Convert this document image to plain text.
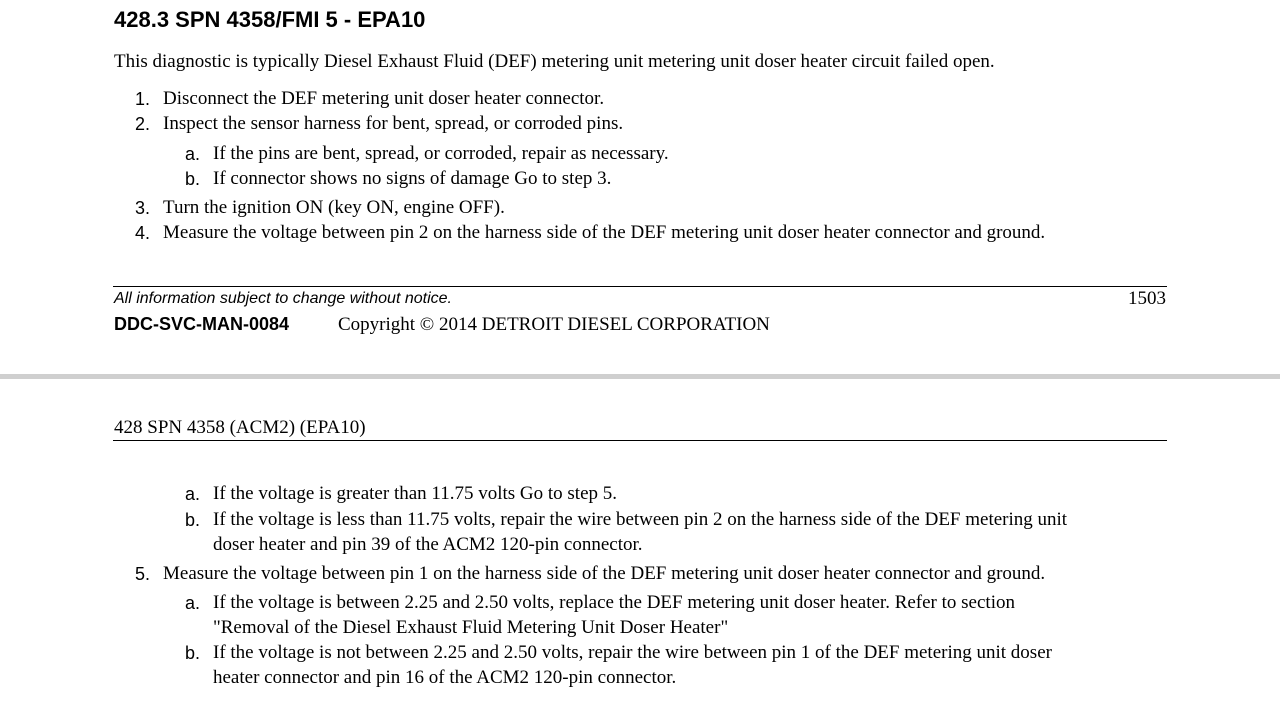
428.3 SPN 4358/FMI 5 - EPA10
This diagnostic is typically Diesel Exhaust Fluid (DEF) metering unit metering unit doser heater circuit failed open.
1. Disconnect the DEF metering unit doser heater connector.
2. Inspect the sensor harness for bent, spread, or corroded pins.
a. If the pins are bent, spread, or corroded, repair as necessary.
b. If connector shows no signs of damage Go to step 3.
3. Turn the ignition ON (key ON, engine OFF).
4. Measure the voltage between pin 2 on the harness side of the DEF metering unit doser heater connector and ground.
All information subject to change without notice.	1503
DDC-SVC-MAN-0084	Copyright © 2014 DETROIT DIESEL CORPORATION
428 SPN 4358 (ACM2) (EPA10)
a. If the voltage is greater than 11.75 volts Go to step 5.
b. If the voltage is less than 11.75 volts, repair the wire between pin 2 on the harness side of the DEF metering unit
doser heater and pin 39 of the ACM2 120-pin connector.
5. Measure the voltage between pin 1 on the harness side of the DEF metering unit doser heater connector and ground.
a. If the voltage is between 2.25 and 2.50 volts, replace the DEF metering unit doser heater. Refer to section
"Removal of the Diesel Exhaust Fluid Metering Unit Doser Heater"
b. If the voltage is not between 2.25 and 2.50 volts, repair the wire between pin 1 of the DEF metering unit doser
heater connector and pin 16 of the ACM2 120-pin connector.
